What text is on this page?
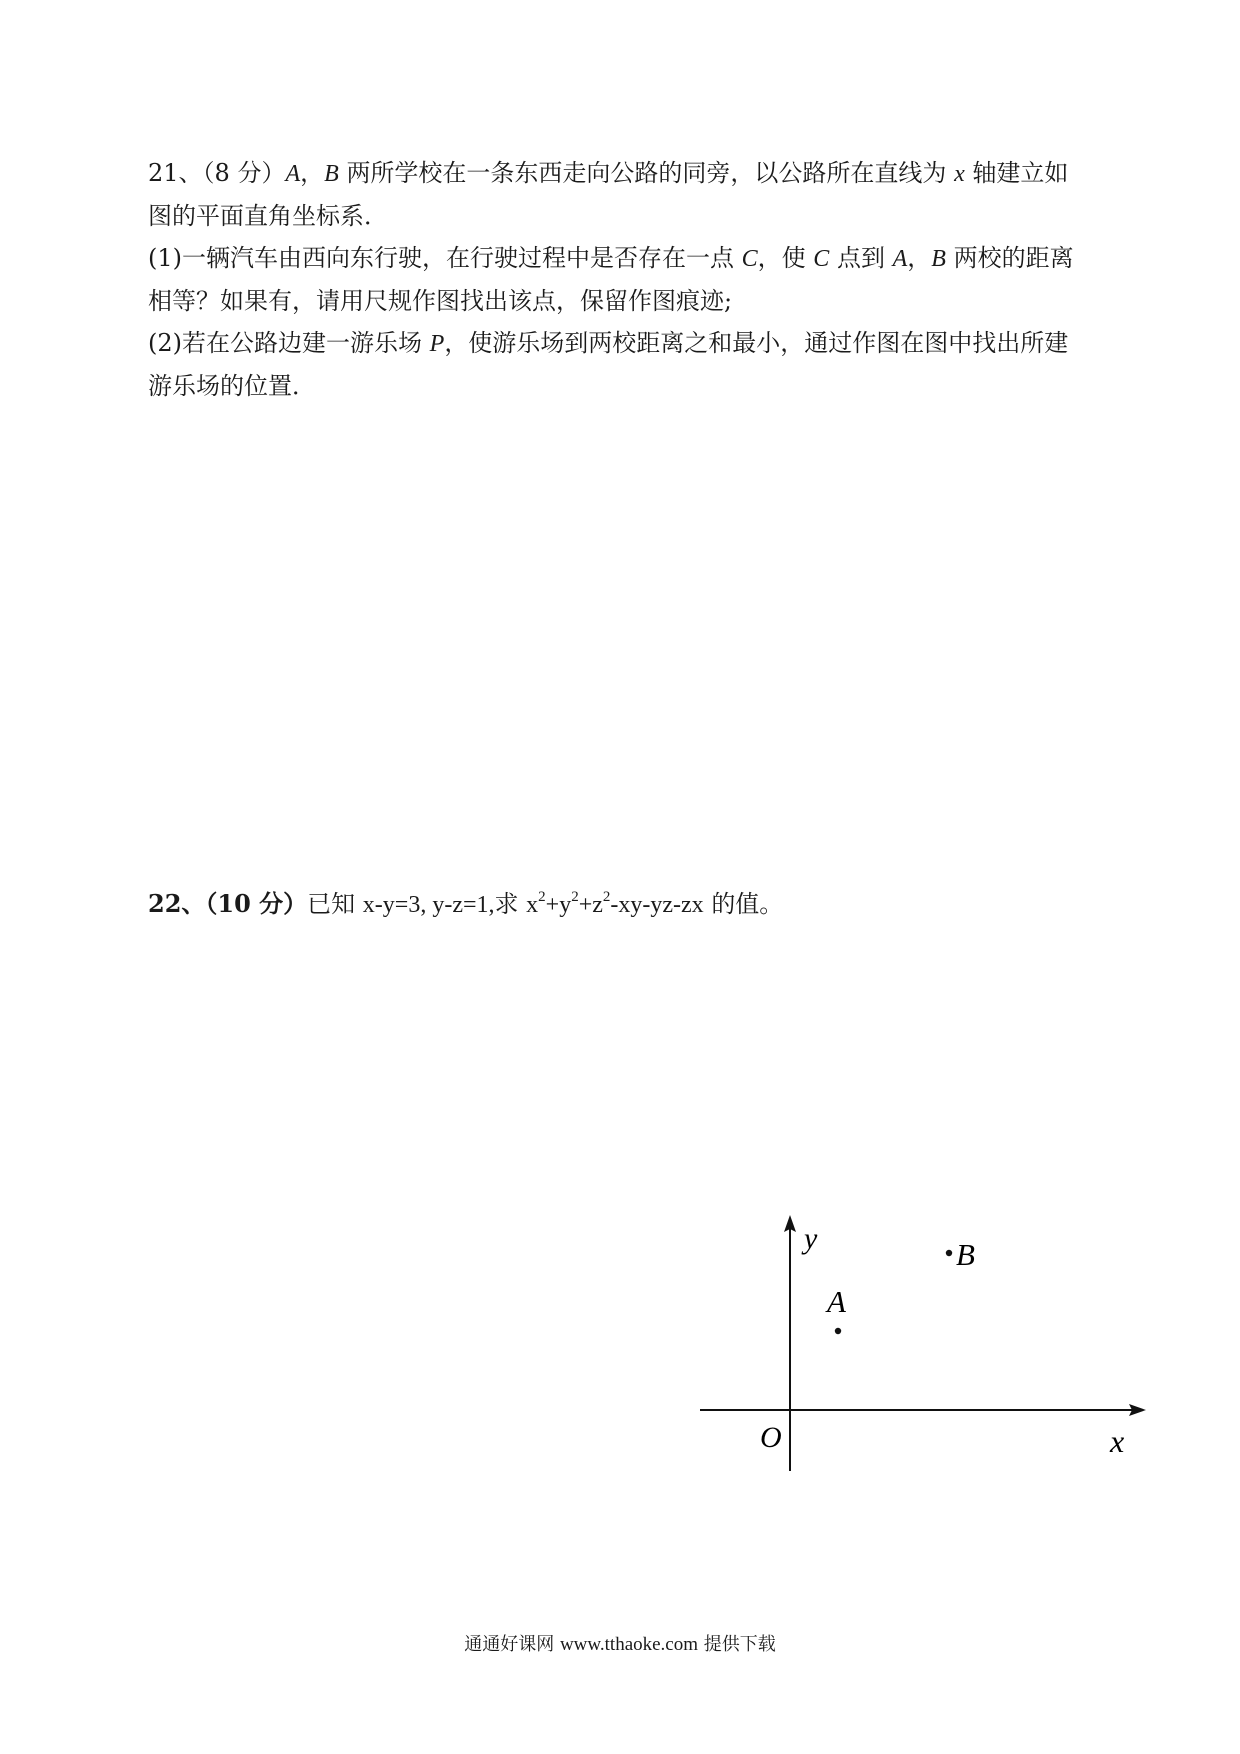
21、（8 分）A，B 两所学校在一条东西走向公路的同旁，以公路所在直线为 x 轴建立如

图的平面直角坐标系．

(1)一辆汽车由西向东行驶，在行驶过程中是否存在一点 C，使 C 点到 A，B 两校的距离

相等？如果有，请用尺规作图找出该点，保留作图痕迹;

(2)若在公路边建一游乐场 P，使游乐场到两校距离之和最小，通过作图在图中找出所建

游乐场的位置．

22、（10 分）已知 x-y=3, y-z=1,求 $x^2+y^2+z^2-xy-yz-zx$ 的值。
x
y
O
A
B
通通好课网 www.tthaoke.com 提供下载
